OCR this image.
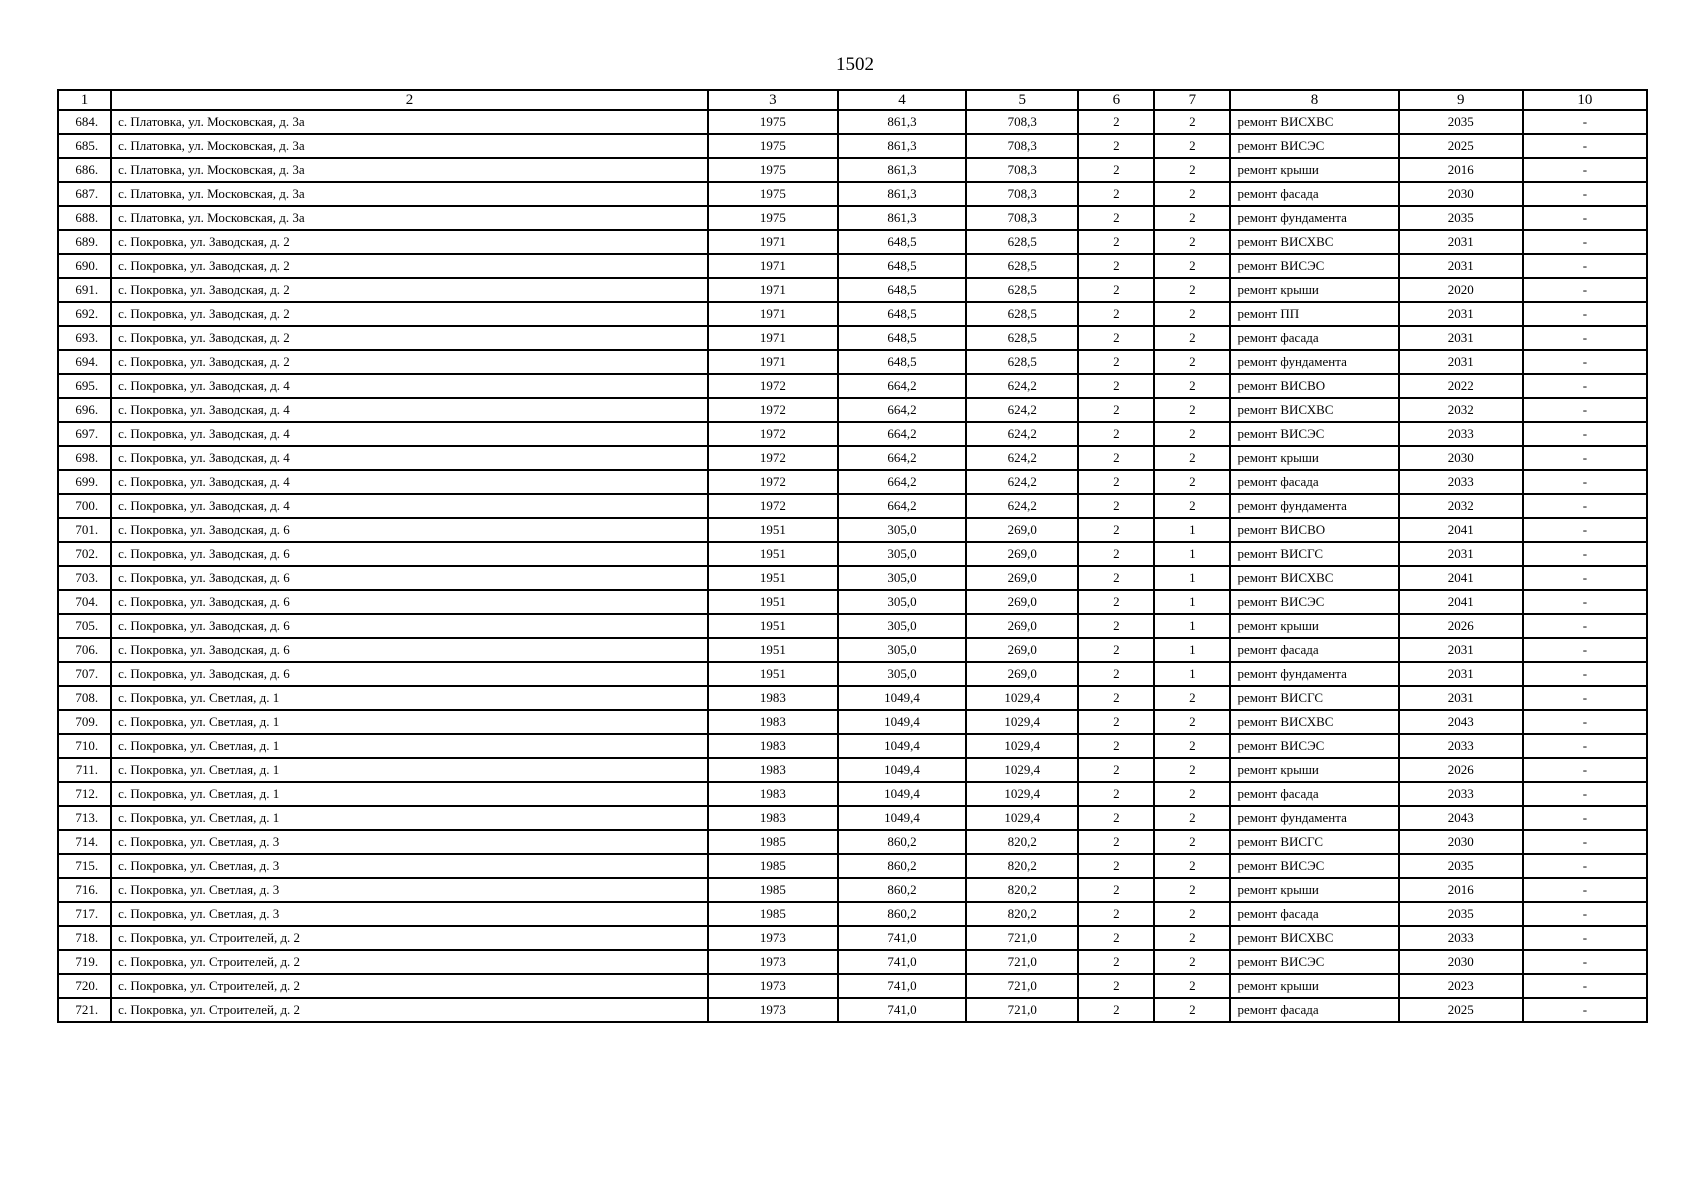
1502
1	2	3	4	5	6	7	8	9	10
684.	с. Платовка, ул. Московская, д. 3а	1975	861,3	708,3	2	2	ремонт ВИСХВС	2035	-
685.	с. Платовка, ул. Московская, д. 3а	1975	861,3	708,3	2	2	ремонт ВИСЭС	2025	-
686.	с. Платовка, ул. Московская, д. 3а	1975	861,3	708,3	2	2	ремонт крыши	2016	-
687.	с. Платовка, ул. Московская, д. 3а	1975	861,3	708,3	2	2	ремонт фасада	2030	-
688.	с. Платовка, ул. Московская, д. 3а	1975	861,3	708,3	2	2	ремонт фундамента	2035	-
689.	с. Покровка, ул. Заводская, д. 2	1971	648,5	628,5	2	2	ремонт ВИСХВС	2031	-
690.	с. Покровка, ул. Заводская, д. 2	1971	648,5	628,5	2	2	ремонт ВИСЭС	2031	-
691.	с. Покровка, ул. Заводская, д. 2	1971	648,5	628,5	2	2	ремонт крыши	2020	-
692.	с. Покровка, ул. Заводская, д. 2	1971	648,5	628,5	2	2	ремонт ПП	2031	-
693.	с. Покровка, ул. Заводская, д. 2	1971	648,5	628,5	2	2	ремонт фасада	2031	-
694.	с. Покровка, ул. Заводская, д. 2	1971	648,5	628,5	2	2	ремонт фундамента	2031	-
695.	с. Покровка, ул. Заводская, д. 4	1972	664,2	624,2	2	2	ремонт ВИСВО	2022	-
696.	с. Покровка, ул. Заводская, д. 4	1972	664,2	624,2	2	2	ремонт ВИСХВС	2032	-
697.	с. Покровка, ул. Заводская, д. 4	1972	664,2	624,2	2	2	ремонт ВИСЭС	2033	-
698.	с. Покровка, ул. Заводская, д. 4	1972	664,2	624,2	2	2	ремонт крыши	2030	-
699.	с. Покровка, ул. Заводская, д. 4	1972	664,2	624,2	2	2	ремонт фасада	2033	-
700.	с. Покровка, ул. Заводская, д. 4	1972	664,2	624,2	2	2	ремонт фундамента	2032	-
701.	с. Покровка, ул. Заводская, д. 6	1951	305,0	269,0	2	1	ремонт ВИСВО	2041	-
702.	с. Покровка, ул. Заводская, д. 6	1951	305,0	269,0	2	1	ремонт ВИСГС	2031	-
703.	с. Покровка, ул. Заводская, д. 6	1951	305,0	269,0	2	1	ремонт ВИСХВС	2041	-
704.	с. Покровка, ул. Заводская, д. 6	1951	305,0	269,0	2	1	ремонт ВИСЭС	2041	-
705.	с. Покровка, ул. Заводская, д. 6	1951	305,0	269,0	2	1	ремонт крыши	2026	-
706.	с. Покровка, ул. Заводская, д. 6	1951	305,0	269,0	2	1	ремонт фасада	2031	-
707.	с. Покровка, ул. Заводская, д. 6	1951	305,0	269,0	2	1	ремонт фундамента	2031	-
708.	с. Покровка, ул. Светлая, д. 1	1983	1049,4	1029,4	2	2	ремонт ВИСГС	2031	-
709.	с. Покровка, ул. Светлая, д. 1	1983	1049,4	1029,4	2	2	ремонт ВИСХВС	2043	-
710.	с. Покровка, ул. Светлая, д. 1	1983	1049,4	1029,4	2	2	ремонт ВИСЭС	2033	-
711.	с. Покровка, ул. Светлая, д. 1	1983	1049,4	1029,4	2	2	ремонт крыши	2026	-
712.	с. Покровка, ул. Светлая, д. 1	1983	1049,4	1029,4	2	2	ремонт фасада	2033	-
713.	с. Покровка, ул. Светлая, д. 1	1983	1049,4	1029,4	2	2	ремонт фундамента	2043	-
714.	с. Покровка, ул. Светлая, д. 3	1985	860,2	820,2	2	2	ремонт ВИСГС	2030	-
715.	с. Покровка, ул. Светлая, д. 3	1985	860,2	820,2	2	2	ремонт ВИСЭС	2035	-
716.	с. Покровка, ул. Светлая, д. 3	1985	860,2	820,2	2	2	ремонт крыши	2016	-
717.	с. Покровка, ул. Светлая, д. 3	1985	860,2	820,2	2	2	ремонт фасада	2035	-
718.	с. Покровка, ул. Строителей, д. 2	1973	741,0	721,0	2	2	ремонт ВИСХВС	2033	-
719.	с. Покровка, ул. Строителей, д. 2	1973	741,0	721,0	2	2	ремонт ВИСЭС	2030	-
720.	с. Покровка, ул. Строителей, д. 2	1973	741,0	721,0	2	2	ремонт крыши	2023	-
721.	с. Покровка, ул. Строителей, д. 2	1973	741,0	721,0	2	2	ремонт фасада	2025	-
